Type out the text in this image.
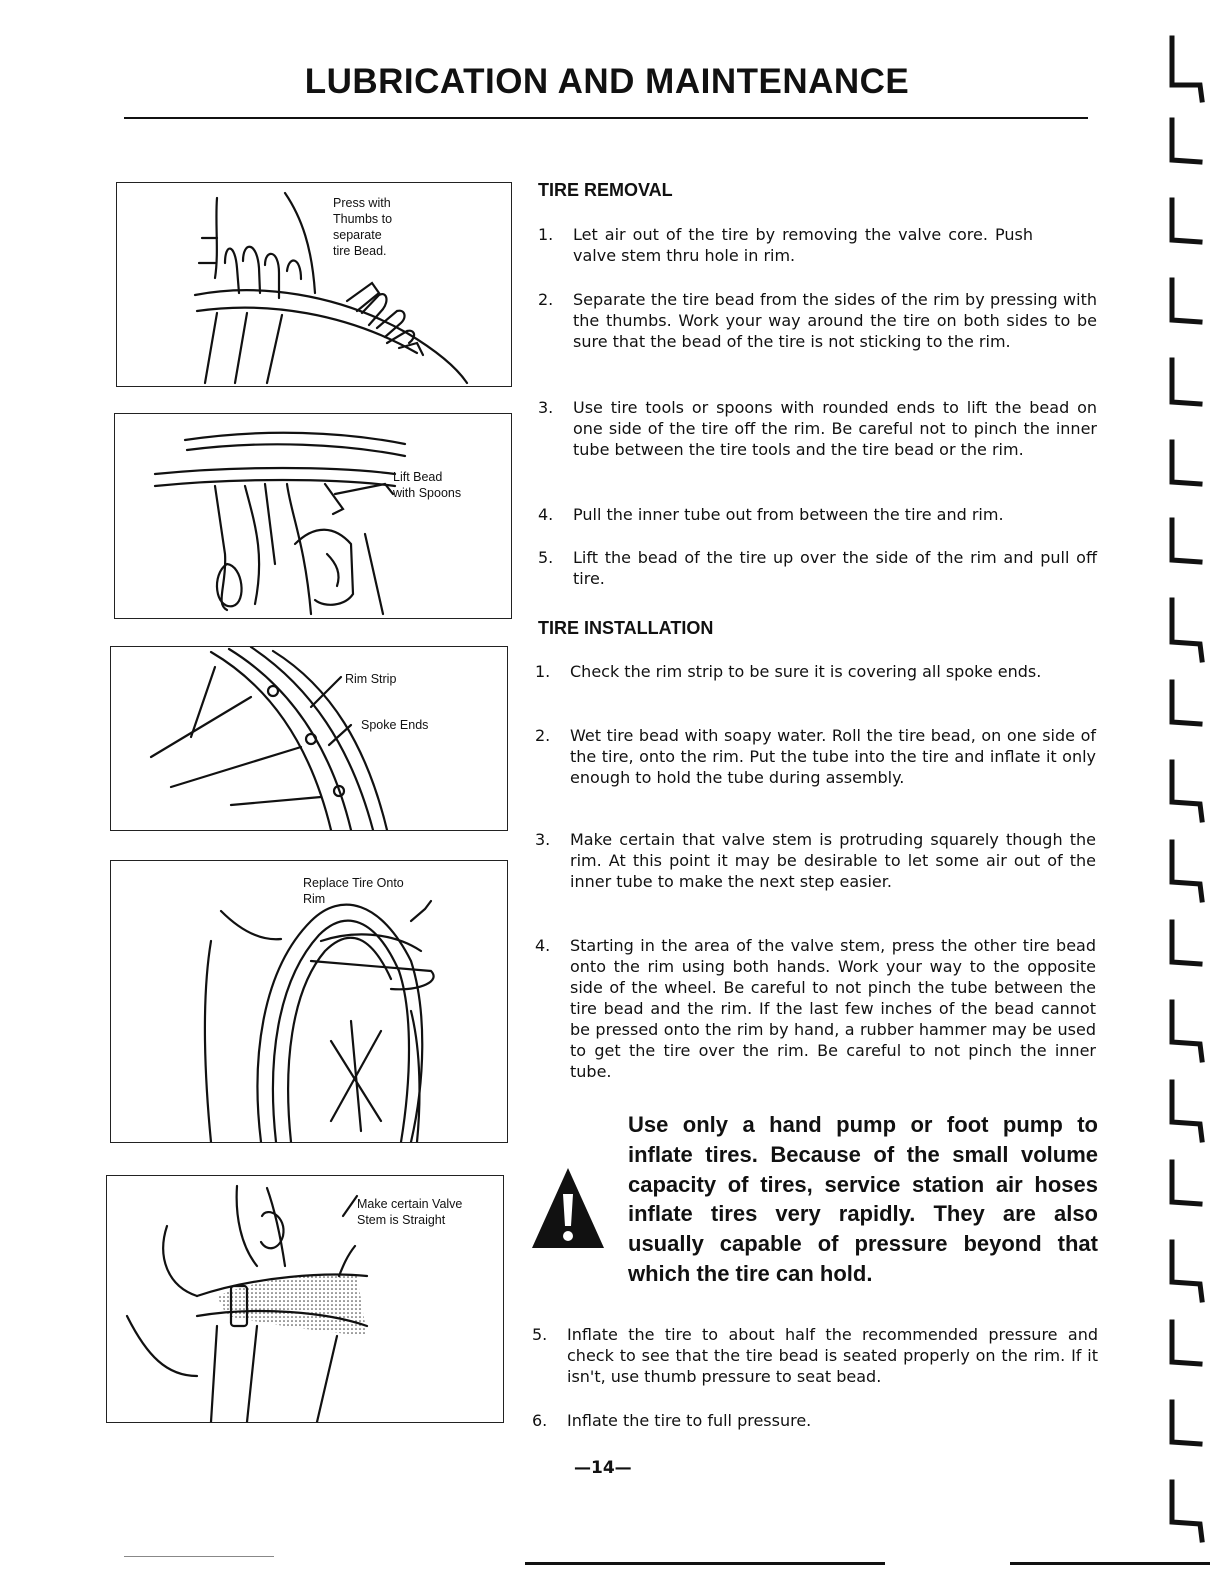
LUBRICATION AND MAINTENANCE
Press with
Thumbs to
separate
tire Bead.
Lift Bead
with Spoons
Rim Strip
Spoke Ends
Replace Tire Onto
Rim
Make certain Valve
Stem is Straight
TIRE REMOVAL
1. Let air out of the tire by removing the valve core. Push valve stem thru hole in rim.
2. Separate the tire bead from the sides of the rim by pressing with the thumbs. Work your way around the tire on both sides to be sure that the bead of the tire is not sticking to the rim.
3. Use tire tools or spoons with rounded ends to lift the bead on one side of the tire off the rim. Be careful not to pinch the inner tube between the tire tools and the tire bead or the rim.
4. Pull the inner tube out from between the tire and rim.
5. Lift the bead of the tire up over the side of the rim and pull off tire.
TIRE INSTALLATION
1. Check the rim strip to be sure it is covering all spoke ends.
2. Wet tire bead with soapy water. Roll the tire bead, on one side of the tire, onto the rim. Put the tube into the tire and inflate it only enough to hold the tube during assembly.
3. Make certain that valve stem is protruding squarely though the rim. At this point it may be desirable to let some air out of the inner tube to make the next step easier.
4. Starting in the area of the valve stem, press the other tire bead onto the rim using both hands. Work your way to the opposite side of the wheel. Be careful to not pinch the tube between the tire bead and the rim. If the last few inches of the bead cannot be pressed onto the rim by hand, a rubber hammer may be used to get the tire over the rim. Be careful to not pinch the inner tube.
Use only a hand pump or foot pump to inflate tires. Because of the small volume capacity of tires, service station air hoses inflate tires very rapidly. They are also usually capable of pressure beyond that which the tire can hold.
5. Inflate the tire to about half the recommended pressure and check to see that the tire bead is seated properly on the rim. If it isn't, use thumb pressure to seat bead.
6. Inflate the tire to full pressure.
—14—
